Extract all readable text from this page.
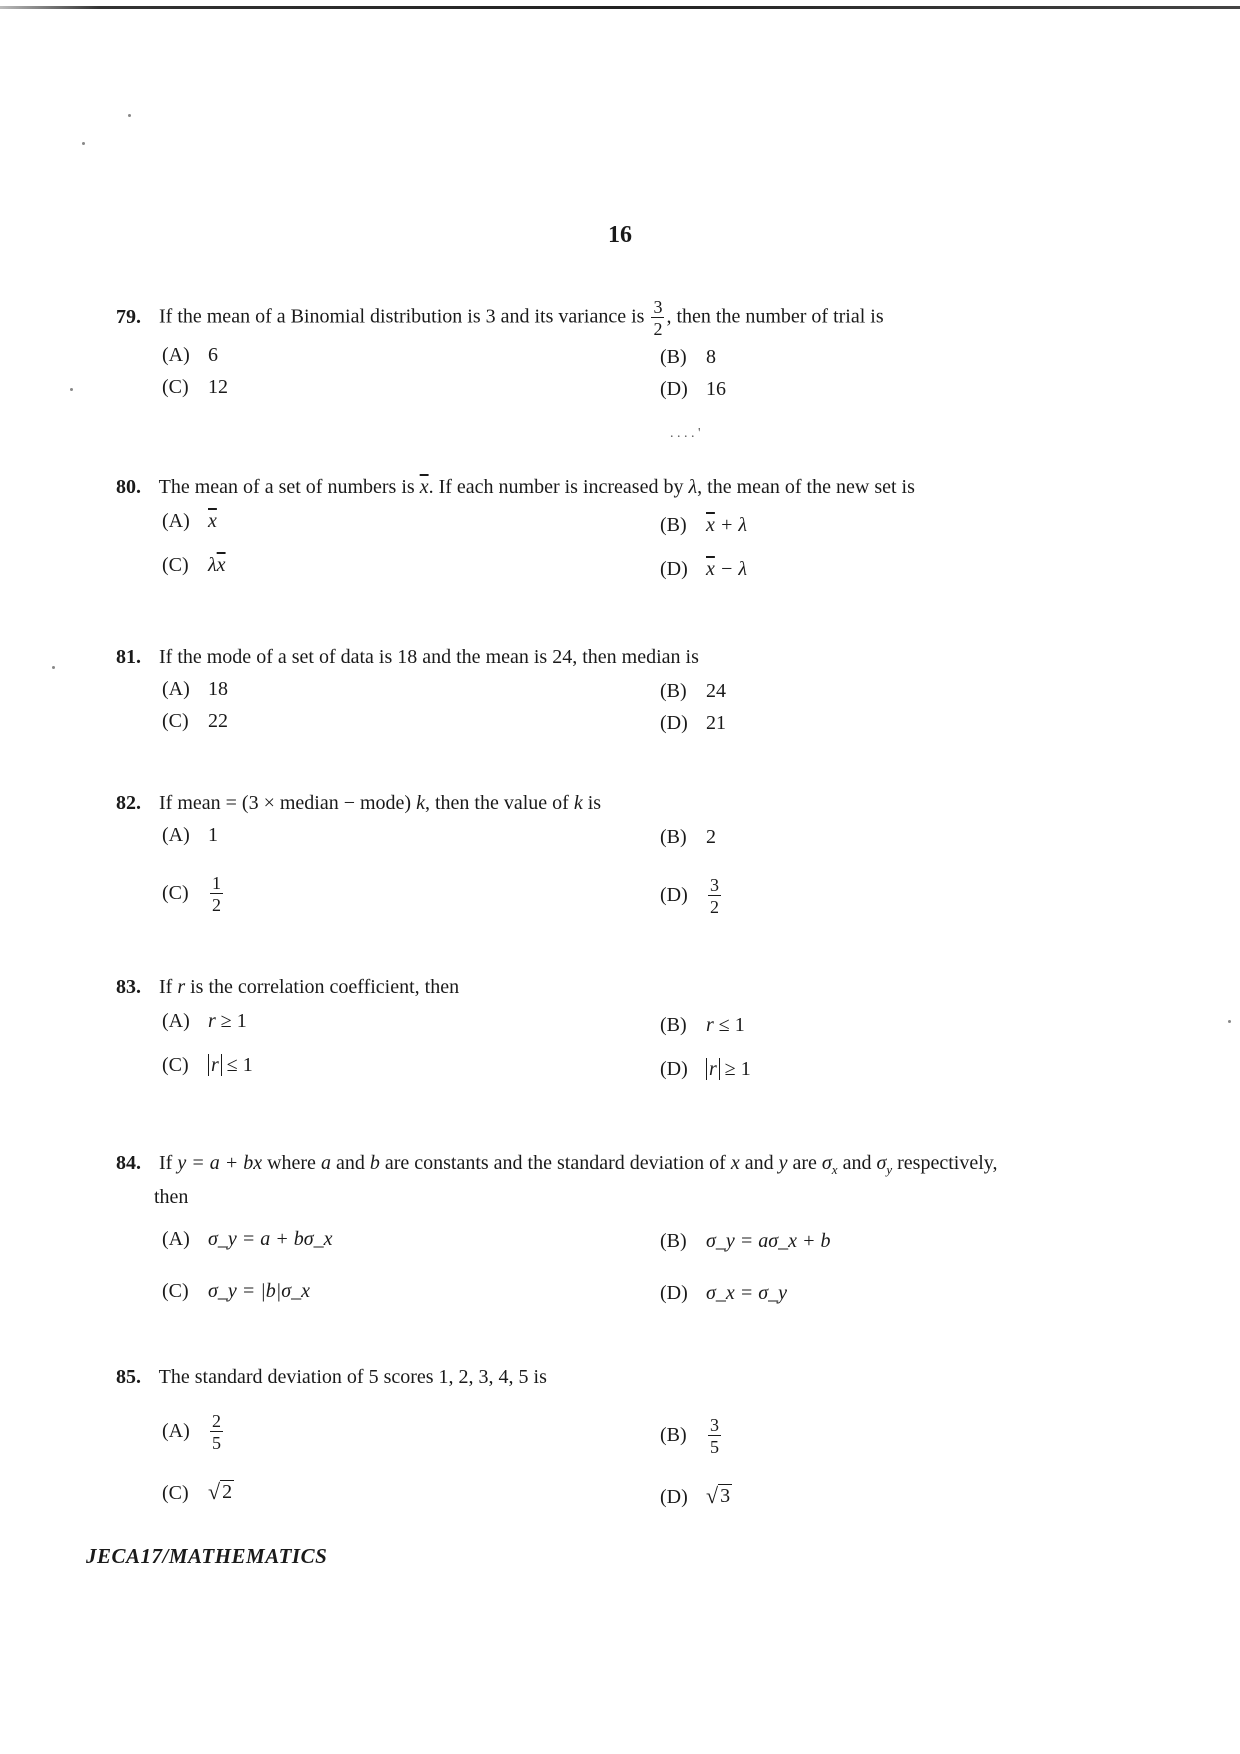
16
79. If the mean of a Binomial distribution is 3 and its variance is $\frac{3}{2}$ , then the number of trial is
(A) 6	(B) 8
(C) 12	(D) 16
. . . . '
80. The mean of a set of numbers is $\overline{x}$. If each number is increased by λ, the mean of the new set is
(A) $\overline{x}$	(B) $\overline{x} + \lambda$
(C) $\lambda\overline{x}$	(D) $\overline{x} - \lambda$
81. If the mode of a set of data is 18 and the mean is 24, then median is
(A) 18	(B) 24
(C) 22	(D) 21
82. If mean = (3 × median − mode) k, then the value of k is
(A) 1	(B) 2
$(C) \frac{1}{2}$	$(D) \frac{3}{2}$
83. If r is the correlation coefficient, then
(A) r ≥ 1	(B) r ≤ 1
(C) r ≤ 1	(D) r ≥ 1
84. If y = a + bx where a and b are constants and the standard deviation of x and y are $\sigma_x$ and $\sigma_y$ respectively,
then
(A) σ_y = a + bσ_x	(B) σ_y = aσ_x + b
(C) σ_y = |b|σ_x	(D) σ_x = σ_y
85. The standard deviation of 5 scores 1, 2, 3, 4, 5 is
$(A) \frac{2}{5}$	$(B) \frac{3}{5}$
(C) √ 2	(D) √ 3
JECA17/MATHEMATICS
